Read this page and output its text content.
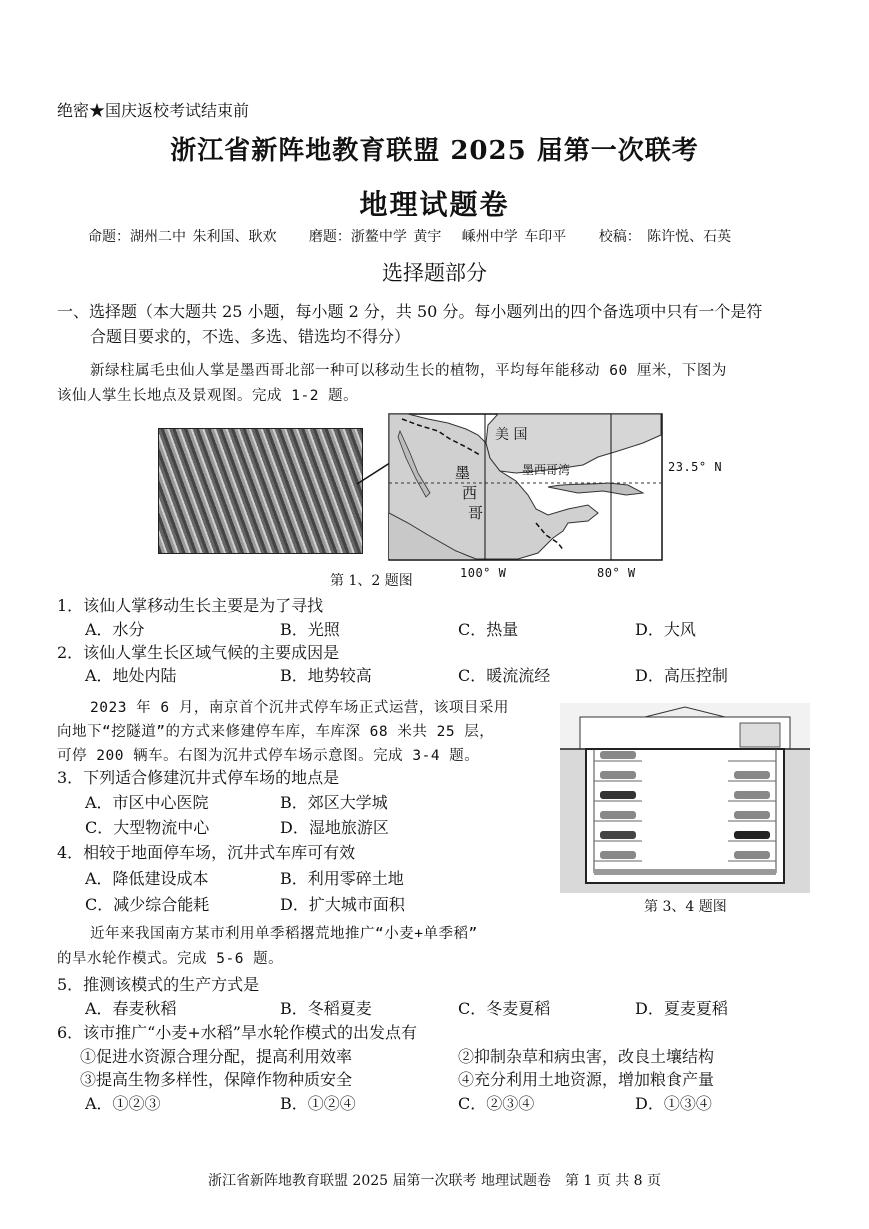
绝密★国庆返校考试结束前
浙江省新阵地教育联盟 2025 届第一次联考
地理试题卷
命题：湖州二中 朱利国、耿欢 磨题：浙鳌中学 黄宇　 嵊州中学 车印平 校稿： 陈许悦、石英
选择题部分
一、选择题（本大题共 25 小题，每小题 2 分，共 50 分。每小题列出的四个备选项中只有一个是符
合题目要求的，不选、多选、错选均不得分）
新绿柱属毛虫仙人掌是墨西哥北部一种可以移动生长的植物，平均每年能移动 60 厘米，下图为
该仙人掌生长地点及景观图。完成 1-2 题。
美 国
墨
西
哥
墨西哥湾	23.5° N
100° W	80° W
第 1、2 题图
1．该仙人掌移动生长主要是为了寻找
A．水分	B．光照	C．热量	D．大风
2．该仙人掌生长区域气候的主要成因是
A．地处内陆	B．地势较高	C．暖流流经	D．高压控制
2023 年 6 月，南京首个沉井式停车场正式运营，该项目采用
向地下“挖隧道”的方式来修建停车库，车库深 68 米共 25 层，
可停 200 辆车。右图为沉井式停车场示意图。完成 3-4 题。
3．下列适合修建沉井式停车场的地点是
A．市区中心医院	B．郊区大学城
C．大型物流中心	D．湿地旅游区
4．相较于地面停车场，沉井式车库可有效
A．降低建设成本	B．利用零碎土地
C．减少综合能耗	D．扩大城市面积	第 3、4 题图
近年来我国南方某市利用单季稻撂荒地推广“小麦+单季稻”
的旱水轮作模式。完成 5-6 题。
5．推测该模式的生产方式是
A．春麦秋稻	B．冬稻夏麦	C．冬麦夏稻	D．夏麦夏稻
6．该市推广“小麦+水稻”旱水轮作模式的出发点有
①促进水资源合理分配，提高利用效率	②抑制杂草和病虫害，改良土壤结构
③提高生物多样性，保障作物种质安全	④充分利用土地资源，增加粮食产量
A．①②③	B．①②④	C．②③④	D．①③④
浙江省新阵地教育联盟 2025 届第一次联考 地理试题卷　第 1 页 共 8 页
